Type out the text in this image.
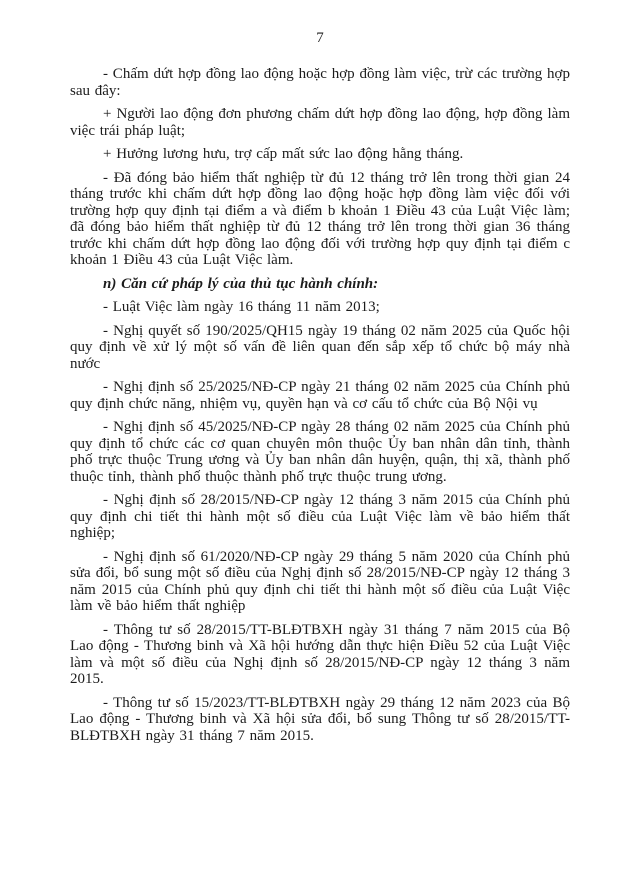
7

- Chấm dứt hợp đồng lao động hoặc hợp đồng làm việc, trừ các trường hợp sau đây:

+ Người lao động đơn phương chấm dứt hợp đồng lao động, hợp đồng làm việc trái pháp luật;

+ Hưởng lương hưu, trợ cấp mất sức lao động hằng tháng.

- Đã đóng bảo hiểm thất nghiệp từ đủ 12 tháng trở lên trong thời gian 24 tháng trước khi chấm dứt hợp đồng lao động hoặc hợp đồng làm việc đối với trường hợp quy định tại điểm a và điểm b khoản 1 Điều 43 của Luật Việc làm; đã đóng bảo hiểm thất nghiệp từ đủ 12 tháng trở lên trong thời gian 36 tháng trước khi chấm dứt hợp đồng lao động đối với trường hợp quy định tại điểm c khoản 1 Điều 43 của Luật Việc làm.

n) Căn cứ pháp lý của thủ tục hành chính:

- Luật Việc làm ngày 16 tháng 11 năm 2013;

- Nghị quyết số 190/2025/QH15 ngày 19 tháng 02 năm 2025 của Quốc hội quy định về xử lý một số vấn đề liên quan đến sắp xếp tổ chức bộ máy nhà nước

- Nghị định số 25/2025/NĐ-CP ngày 21 tháng 02 năm 2025 của Chính phủ quy định chức năng, nhiệm vụ, quyền hạn và cơ cấu tổ chức của Bộ Nội vụ

- Nghị định số 45/2025/NĐ-CP ngày 28 tháng 02 năm 2025 của Chính phủ quy định tổ chức các cơ quan chuyên môn thuộc Ủy ban nhân dân tỉnh, thành phố trực thuộc Trung ương và Ủy ban nhân dân huyện, quận, thị xã, thành phố thuộc tỉnh, thành phố thuộc thành phố trực thuộc trung ương.

- Nghị định số 28/2015/NĐ-CP ngày 12 tháng 3 năm 2015 của Chính phủ quy định chi tiết thi hành một số điều của Luật Việc làm về bảo hiểm thất nghiệp;

- Nghị định số 61/2020/NĐ-CP ngày 29 tháng 5 năm 2020 của Chính phủ sửa đổi, bổ sung một số điều của Nghị định số 28/2015/NĐ-CP ngày 12 tháng 3 năm 2015 của Chính phủ quy định chi tiết thi hành một số điều của Luật Việc làm về bảo hiểm thất nghiệp

- Thông tư số 28/2015/TT-BLĐTBXH ngày 31 tháng 7 năm 2015 của Bộ Lao động - Thương binh và Xã hội hướng dẫn thực hiện Điều 52 của Luật Việc làm và một số điều của Nghị định số 28/2015/NĐ-CP ngày 12 tháng 3 năm 2015.

- Thông tư số 15/2023/TT-BLĐTBXH ngày 29 tháng 12 năm 2023 của Bộ Lao động - Thương binh và Xã hội sửa đổi, bổ sung Thông tư số 28/2015/TT-BLĐTBXH ngày 31 tháng 7 năm 2015.
